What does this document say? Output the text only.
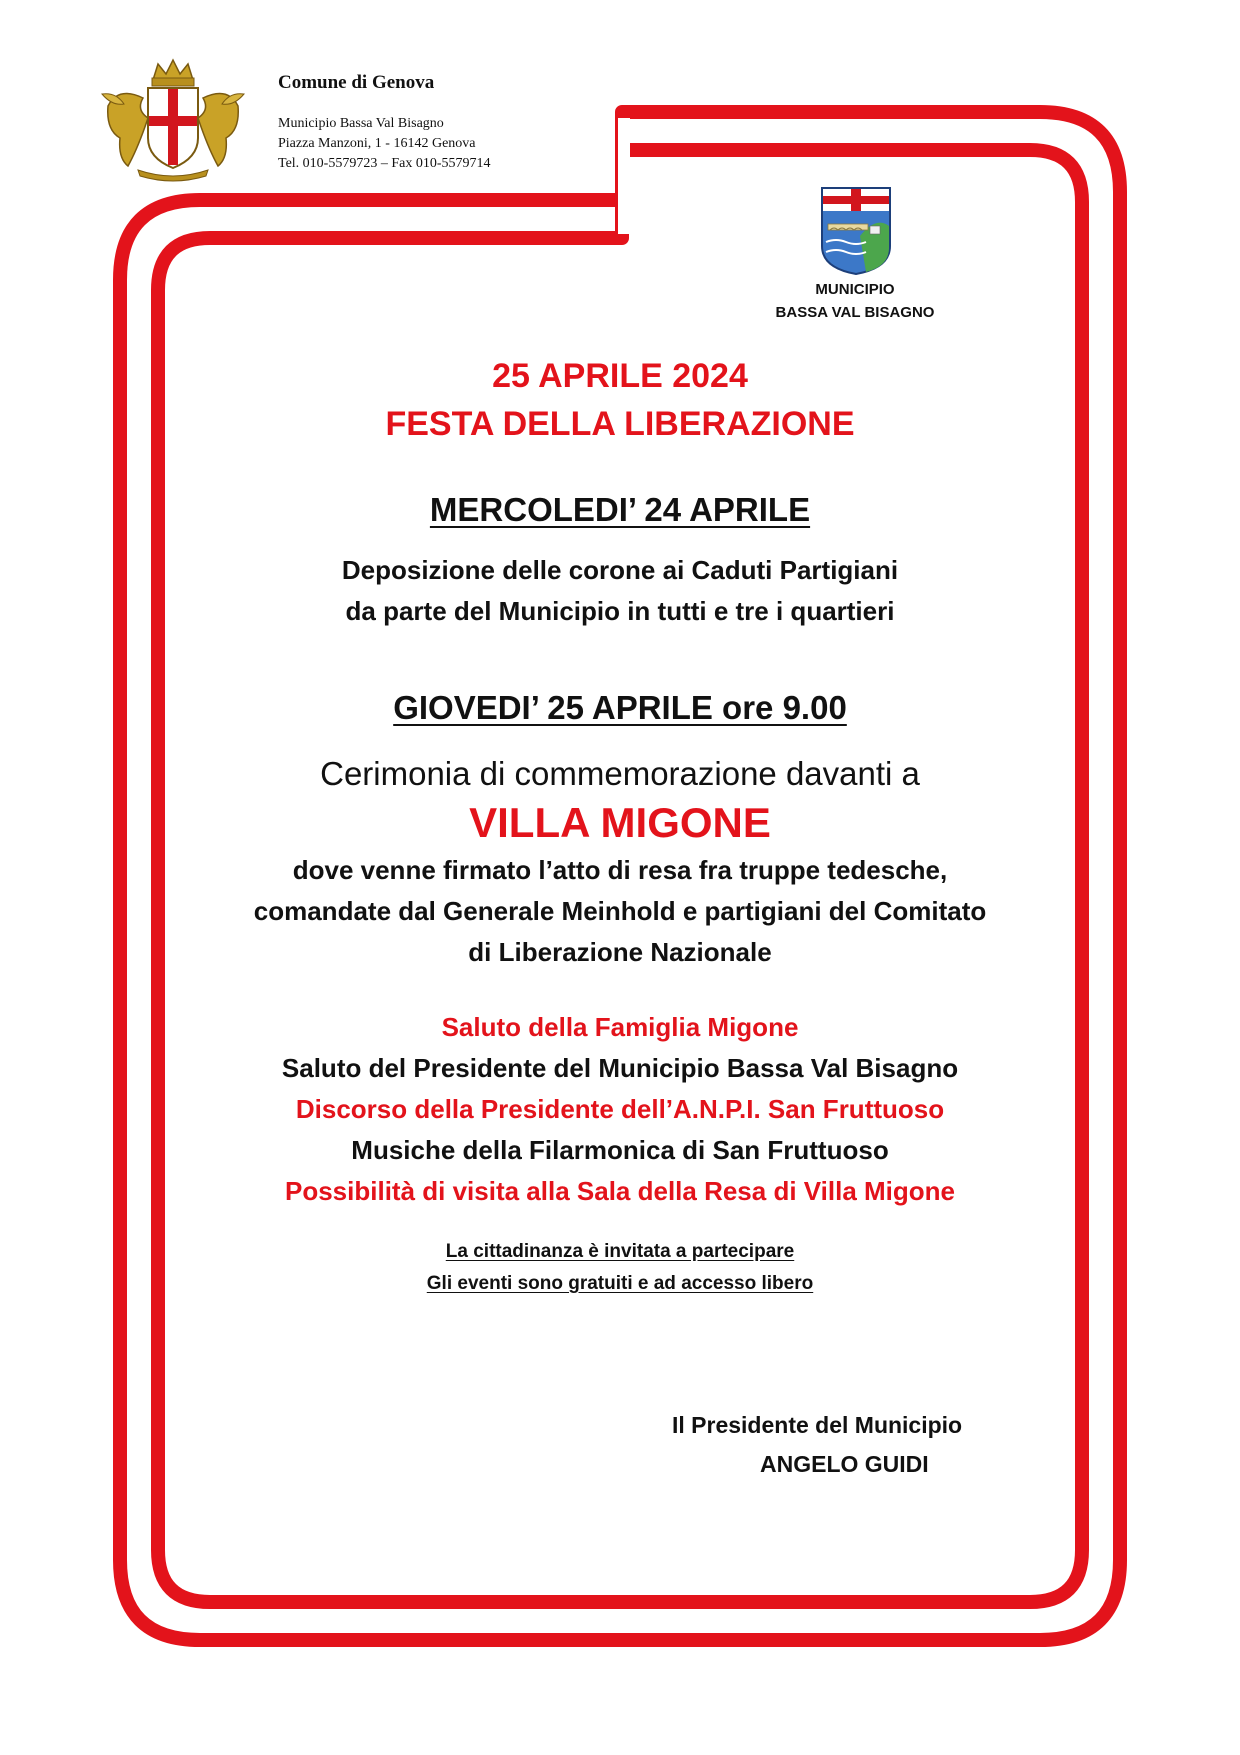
Comune di Genova

Municipio Bassa Val Bisagno

Piazza Manzoni, 1 - 16142 Genova

Tel. 010-5579723 – Fax 010-5579714

MUNICIPIO
BASSA VAL BISAGNO

25 APRILE 2024

FESTA DELLA LIBERAZIONE

MERCOLEDI’ 24 APRILE

Deposizione delle corone ai Caduti Partigiani

da parte del Municipio in tutti e tre i quartieri

GIOVEDI’ 25 APRILE ore 9.00

Cerimonia di commemorazione davanti a

VILLA MIGONE

dove venne firmato l’atto di resa fra truppe tedesche,

comandate dal Generale Meinhold e partigiani del Comitato

di Liberazione Nazionale

Saluto della Famiglia Migone

Saluto del Presidente del Municipio Bassa Val Bisagno

Discorso della Presidente dell’A.N.P.I. San Fruttuoso

Musiche della Filarmonica di San Fruttuoso

Possibilità di visita alla Sala della Resa di Villa Migone

La cittadinanza è invitata a partecipare

Gli eventi sono gratuiti e ad accesso libero

Il Presidente del Municipio

ANGELO GUIDI
